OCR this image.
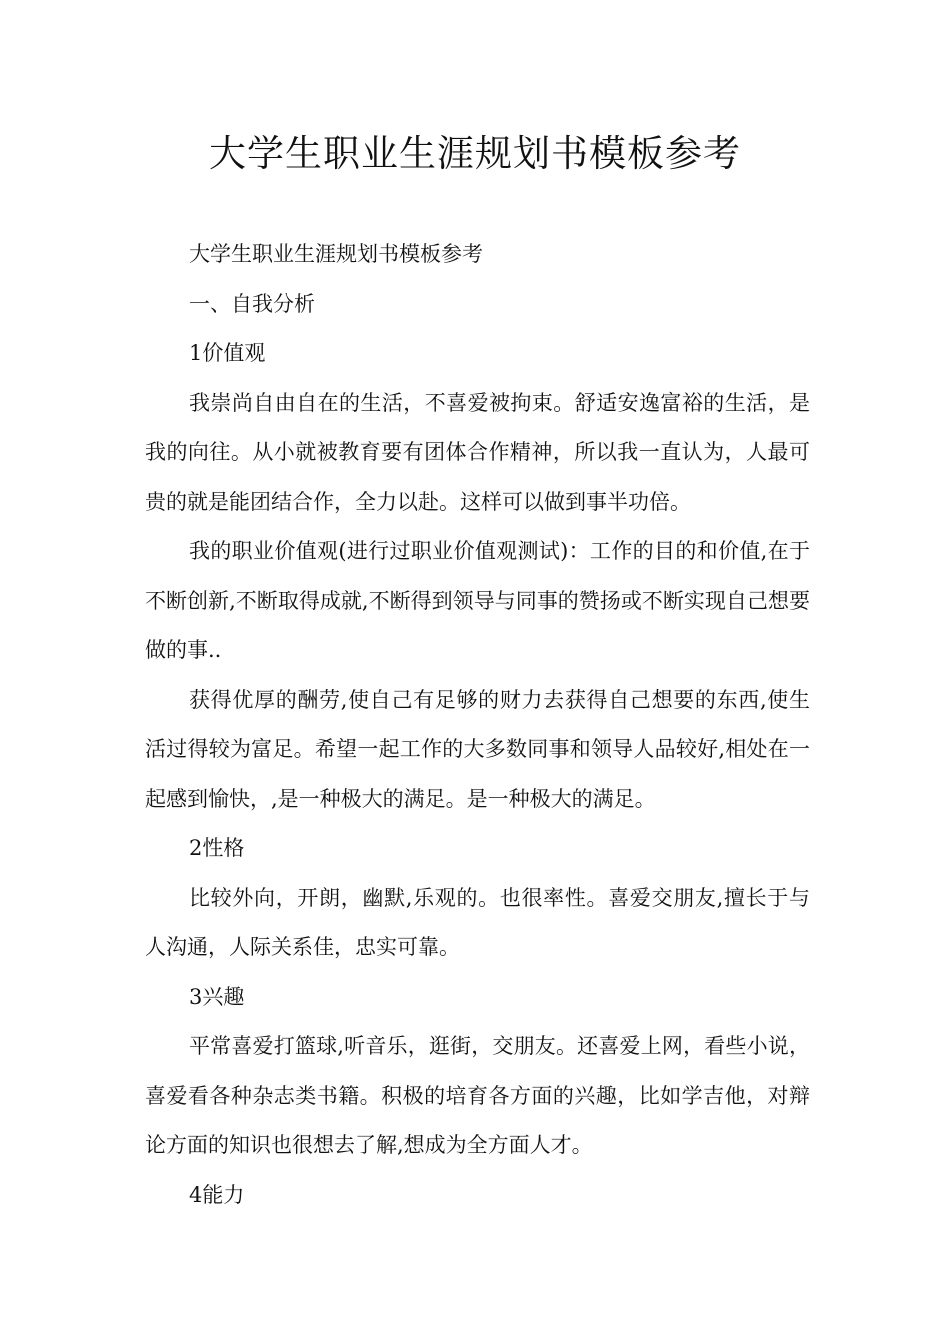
大学生职业生涯规划书模板参考

大学生职业生涯规划书模板参考

一、自我分析

1价值观

我崇尚自由自在的生活，不喜爱被拘束。舒适安逸富裕的生活，是我的向往。从小就被教育要有团体合作精神，所以我一直认为，人最可贵的就是能团结合作，全力以赴。这样可以做到事半功倍。

我的职业价值观(进行过职业价值观测试)：工作的目的和价值,在于不断创新,不断取得成就,不断得到领导与同事的赞扬或不断实现自己想要做的事..

获得优厚的酬劳,使自己有足够的财力去获得自己想要的东西,使生活过得较为富足。希望一起工作的大多数同事和领导人品较好,相处在一起感到愉快，,是一种极大的满足。是一种极大的满足。

2性格

比较外向，开朗，幽默,乐观的。也很率性。喜爱交朋友,擅长于与人沟通，人际关系佳，忠实可靠。

3兴趣

平常喜爱打篮球,听音乐，逛街，交朋友。还喜爱上网，看些小说，喜爱看各种杂志类书籍。积极的培育各方面的兴趣，比如学吉他，对辩论方面的知识也很想去了解,想成为全方面人才。

4能力
